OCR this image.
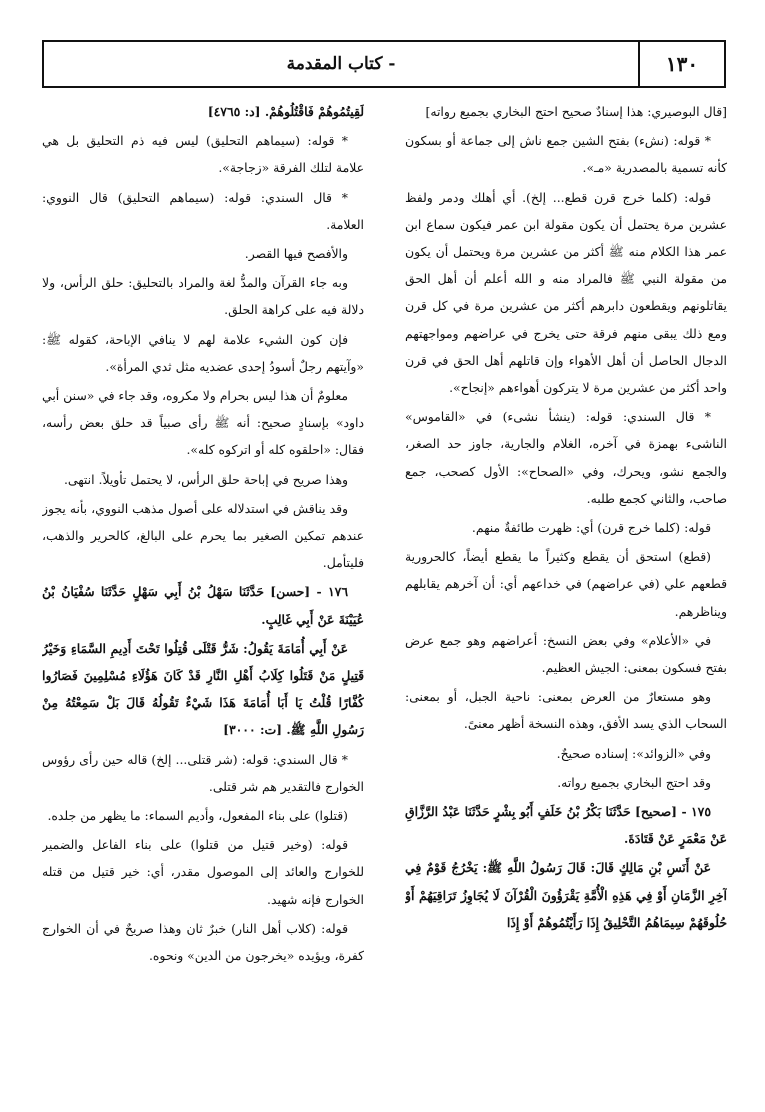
- كتاب المقدمة	١٣٠

[قال البوصيري: هذا إسنادٌ صحيح احتج البخاري بجميع رواته]

* قوله: (نشء) بفتح الشين جمع ناش إلى جماعة أو بسكون كأنه تسمية بالمصدرية «مـ».

قوله: (كلما خرج قرن قطع... إلخ). أي أهلك ودمر ولفظ عشرين مرة يحتمل أن يكون مقولة ابن عمر فيكون سماع ابن عمر هذا الكلام منه ﷺ أكثر من عشرين مرة ويحتمل أن يكون من مقولة النبي ﷺ فالمراد منه و الله أعلم أن أهل الحق يقاتلونهم ويقطعون دابرهم أكثر من عشرين مرة في كل قرن ومع ذلك يبقى منهم فرقة حتى يخرج في عراضهم ومواجهتهم الدجال الحاصل أن أهل الأهواء وإن قاتلهم أهل الحق في قرن واحد أكثر من عشرين مرة لا يتركون أهواءهم «إنجاح».

* قال السندي: قوله: (ينشأ نشىء) في «القاموس» الناشىء بهمزة في آخره، الغلام والجارية، جاوز حد الصغر، والجمع نشو، ويحرك، وفي «الصحاح»: الأول كصحب، جمع صاحب، والثاني كجمع طلبه.

قوله: (كلما خرج قرن) أي: ظهرت طائفةٌ منهم.

(قطع) استحق أن يقطع وكثيراً ما يقطع أيضاً، كالحرورية قطعهم علي (في عراضهم) في خداعهم أي: أن آخرهم يقابلهم ويناظرهم.

في «الأعلام» وفي بعض النسخ: أعراضهم وهو جمع عرض بفتح فسكون بمعنى: الجيش العظيم.

وهو مستعارٌ من العرض بمعنى: ناحية الجبل، أو بمعنى: السحاب الذي يسد الأفق، وهذه النسخة أظهر معنىً.

وفي «الزوائد»: إسناده صحيحٌ.

وقد احتج البخاري بجميع رواته.

١٧٥ - [صحيح] حَدَّثَنَا بَكْرُ بْنُ خَلَفٍ أَبُو بِشْرٍ حَدَّثَنَا عَبْدُ الرَّزَّاقِ عَنْ مَعْمَرٍ عَنْ قَتَادَةَ.

عَنْ أَنَسِ بْنِ مَالِكٍ قَالَ: قَالَ رَسُولُ اللَّهِ ﷺ: يَخْرُجُ قَوْمٌ فِي آخِرِ الزَّمَانِ أَوْ فِي هَذِهِ الْأُمَّةِ يَقْرَؤُونَ الْقُرْآنَ لَا يُجَاوِزُ تَرَاقِيَهُمْ أَوْ حُلُوقَهُمْ سِيمَاهُمُ التَّحْلِيقُ إِذَا رَأَيْتُمُوهُمْ أَوْ إِذَا

لَقِيتُمُوهُمْ فَاقْتُلُوهُمْ. [د: ٤٧٦٥]

* قوله: (سيماهم التحليق) ليس فيه ذم التحليق بل هي علامة لتلك الفرقة «زجاجة».

* قال السندي: قوله: (سيماهم التحليق) قال النووي: العلامة.

والأفصح فيها القصر.

وبه جاء القرآن والمدُّ لغة والمراد بالتحليق: حلق الرأس، ولا دلالة فيه على كراهة الحلق.

فإن كون الشيء علامة لهم لا ينافي الإباحة، كقوله ﷺ: «وآيتهم رجلٌ أسودُ إحدى عضديه مثل ثدي المرأة».

معلومٌ أن هذا ليس بحرام ولا مكروه، وقد جاء في «سنن أبي داود» بإسنادٍ صحيح: أنه ﷺ رأى صبياً قد حلق بعض رأسه، فقال: «احلقوه كله أو اتركوه كله».

وهذا صريح في إباحة حلق الرأس، لا يحتمل تأويلاً. انتهى.

وقد يناقش في استدلاله على أصول مذهب النووي، بأنه يجوز عندهم تمكين الصغير بما يحرم على البالغ، كالحرير والذهب، فليتأمل.

١٧٦ - [حسن] حَدَّثَنَا سَهْلُ بْنُ أَبِي سَهْلٍ حَدَّثَنَا سُفْيَانُ بْنُ عُيَيْنَةَ عَنْ أَبِي غَالِبٍ.

عَنْ أَبِي أُمَامَةَ يَقُولُ: شَرُّ قَتْلَى قُتِلُوا تَحْتَ أَدِيمِ السَّمَاءِ وَخَيْرُ قَتِيلٍ مَنْ قَتَلُوا كِلَابُ أَهْلِ النَّارِ قَدْ كَانَ هَؤُلَاءِ مُسْلِمِينَ فَصَارُوا كُفَّارًا قُلْتُ يَا أَبَا أُمَامَةَ هَذَا شَيْءٌ تَقُولُهُ قَالَ بَلْ سَمِعْتُهُ مِنْ رَسُولِ اللَّهِ ﷺ. [ت: ٣٠٠٠]

* قال السندي: قوله: (شر قتلى... إلخ) قاله حين رأى رؤوس الخوارج فالتقدير هم شر قتلى.

(قتلوا) على بناء المفعول، وأديم السماء: ما يظهر من جلده.

قوله: (وخير قتيل من قتلوا) على بناء الفاعل والضمير للخوارج والعائد إلى الموصول مقدر، أي: خير قتيل من قتله الخوارج فإنه شهيد.

قوله: (كلاب أهل النار) خبرٌ ثان وهذا صريحٌ في أن الخوارج كفرة، ويؤيده «يخرجون من الدين» ونحوه.
